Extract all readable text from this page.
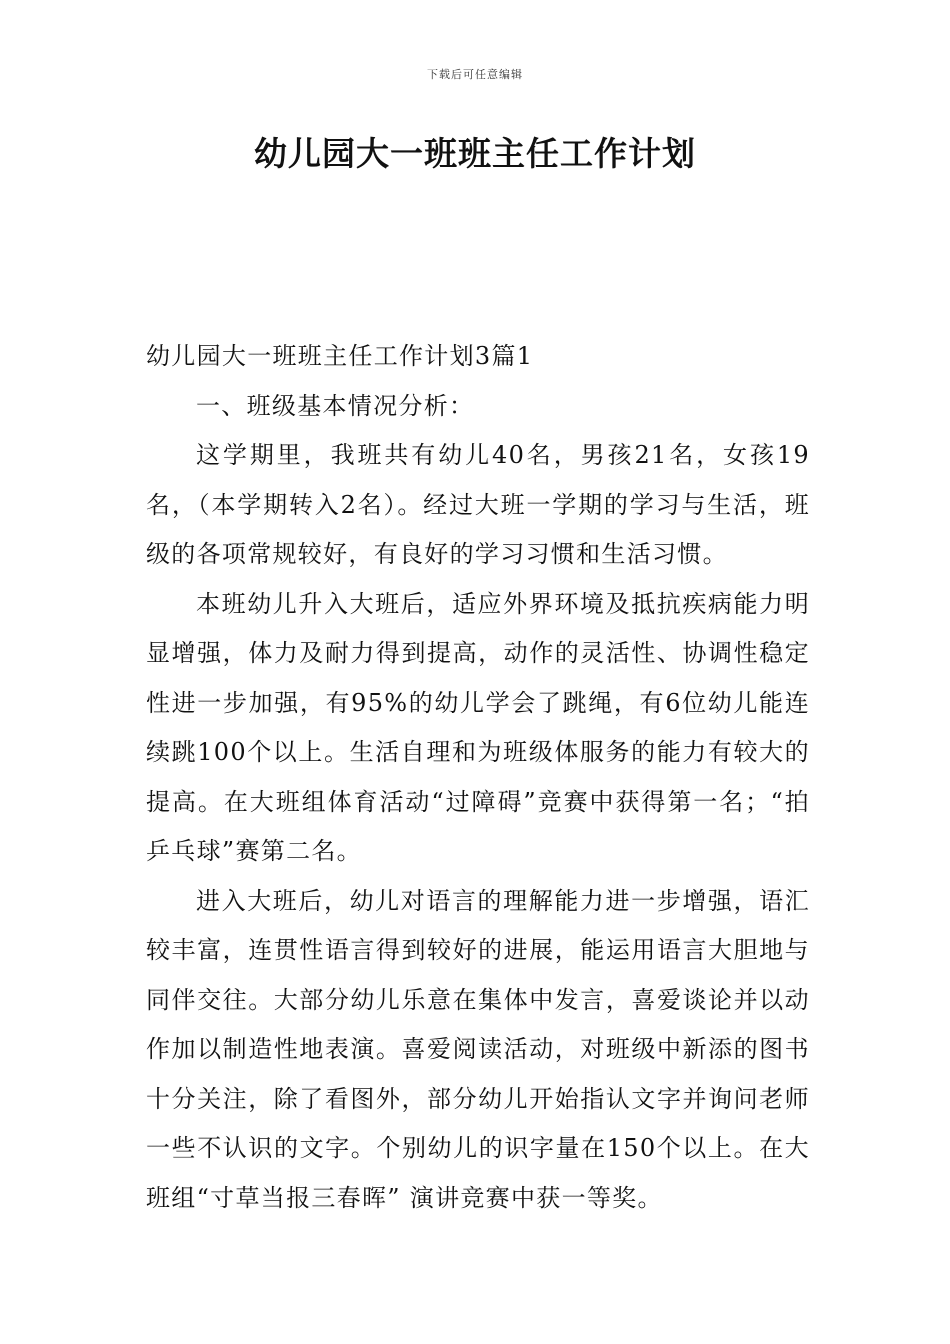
下载后可任意编辑
幼儿园大一班班主任工作计划

幼儿园大一班班主任工作计划3篇1

一、班级基本情况分析：

这学期里，我班共有幼儿40名，男孩21名，女孩19名，（本学期转入2名）。经过大班一学期的学习与生活，班级的各项常规较好，有良好的学习习惯和生活习惯。

本班幼儿升入大班后，适应外界环境及抵抗疾病能力明显增强，体力及耐力得到提高，动作的灵活性、协调性稳定性进一步加强，有95%的幼儿学会了跳绳，有6位幼儿能连续跳100个以上。生活自理和为班级体服务的能力有较大的提高。在大班组体育活动“过障碍”竞赛中获得第一名；“拍乒乓球”赛第二名。

进入大班后，幼儿对语言的理解能力进一步增强，语汇较丰富，连贯性语言得到较好的进展，能运用语言大胆地与同伴交往。大部分幼儿乐意在集体中发言，喜爱谈论并以动作加以制造性地表演。喜爱阅读活动，对班级中新添的图书十分关注，除了看图外，部分幼儿开始指认文字并询问老师一些不认识的文字。个别幼儿的识字量在150个以上。在大班组“寸草当报三春晖” 演讲竞赛中获一等奖。
